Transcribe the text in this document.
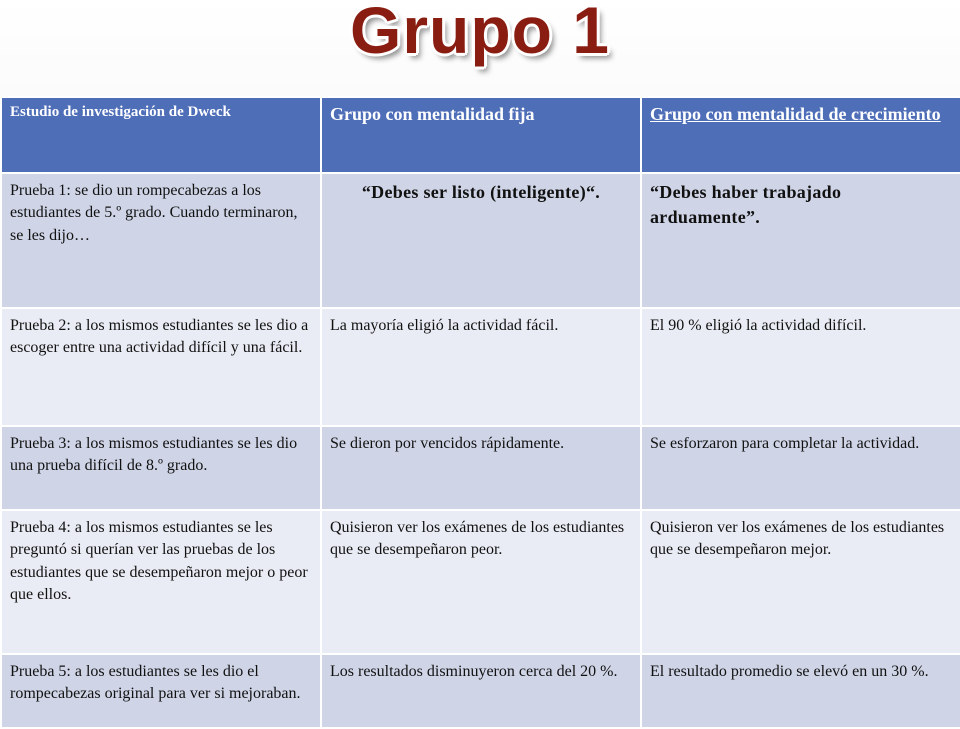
Grupo 1
Estudio de investigación de Dweck	Grupo con mentalidad fija	Grupo con mentalidad de crecimiento
Prueba 1: se dio un rompecabezas a los estudiantes de 5.º grado. Cuando terminaron, se les dijo…	“Debes ser listo (inteligente)“.	“Debes haber trabajado arduamente”.
Prueba 2: a los mismos estudiantes se les dio a escoger entre una actividad difícil y una fácil.	La mayoría eligió la actividad fácil.	El 90 % eligió la actividad difícil.
Prueba 3: a los mismos estudiantes se les dio una prueba difícil de 8.º grado.	Se dieron por vencidos rápidamente.	Se esforzaron para completar la actividad.
Prueba 4: a los mismos estudiantes se les preguntó si querían ver las pruebas de los estudiantes que se desempeñaron mejor o peor que ellos.	Quisieron ver los exámenes de los estudiantes que se desempeñaron peor.	Quisieron ver los exámenes de los estudiantes que se desempeñaron mejor.
Prueba 5: a los estudiantes se les dio el rompecabezas original para ver si mejoraban.	Los resultados disminuyeron cerca del 20 %.	El resultado promedio se elevó en un 30 %.
